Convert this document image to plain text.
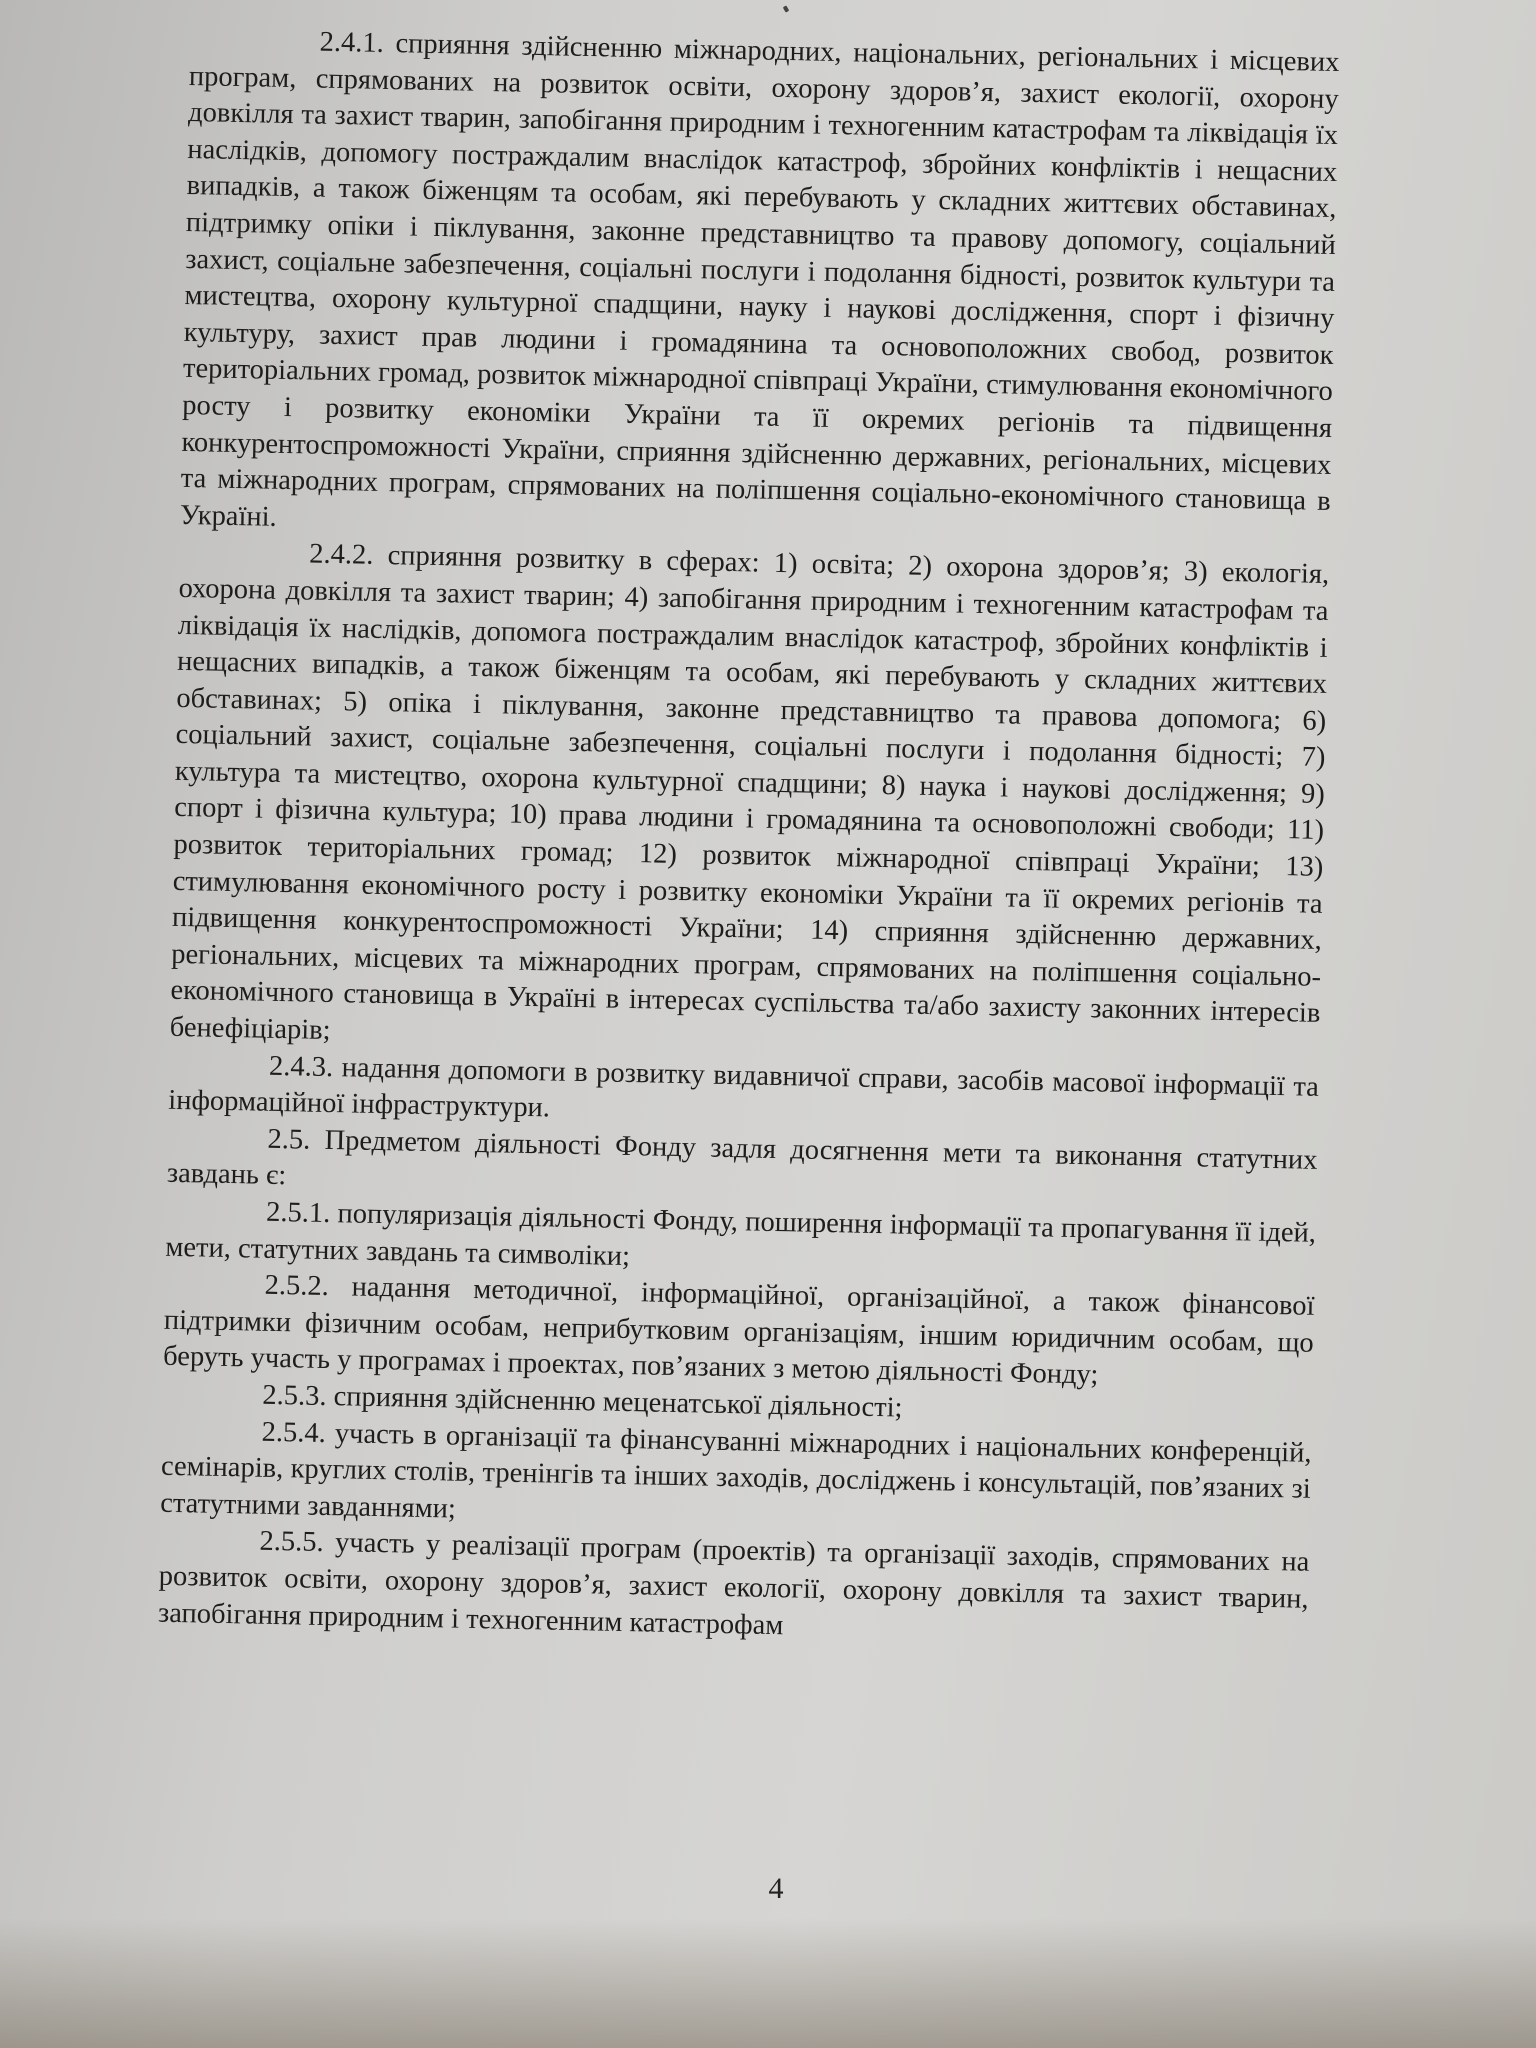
2.4.1. сприяння здійсненню міжнародних, національних, регіональних і місцевих програм, спрямованих на розвиток освіти, охорону здоров’я, захист екології, охорону довкілля та захист тварин, запобігання природним і техногенним катастрофам та ліквідація їх наслідків, допомогу постраждалим внаслідок катастроф, збройних конфліктів і нещасних випадків, а також біженцям та особам, які перебувають у складних життєвих обставинах, підтримку опіки і піклування, законне представництво та правову допомогу, соціальний захист, соціальне забезпечення, соціальні послуги і подолання бідності, розвиток культури та мистецтва, охорону культурної спадщини, науку і наукові дослідження, спорт і фізичну культуру, захист прав людини і громадянина та основоположних свобод, розвиток територіальних громад, розвиток міжнародної співпраці України, стимулювання економічного росту і розвитку економіки України та її окремих регіонів та підвищення конкурентоспроможності України, сприяння здійсненню державних, регіональних, місцевих та міжнародних програм, спрямованих на поліпшення соціально-економічного становища в Україні.

2.4.2. сприяння розвитку в сферах: 1) освіта; 2) охорона здоров’я; 3) екологія, охорона довкілля та захист тварин; 4) запобігання природним і техногенним катастрофам та ліквідація їх наслідків, допомога постраждалим внаслідок катастроф, збройних конфліктів і нещасних випадків, а також біженцям та особам, які перебувають у складних життєвих обставинах; 5) опіка і піклування, законне представництво та правова допомога; 6) соціальний захист, соціальне забезпечення, соціальні послуги і подолання бідності; 7) культура та мистецтво, охорона культурної спадщини; 8) наука і наукові дослідження; 9) спорт і фізична культура; 10) права людини і громадянина та основоположні свободи; 11) розвиток територіальних громад; 12) розвиток міжнародної співпраці України; 13) стимулювання економічного росту і розвитку економіки України та її окремих регіонів та підвищення конкурентоспроможності України; 14) сприяння здійсненню державних, регіональних, місцевих та міжнародних програм, спрямованих на поліпшення соціально-економічного становища в Україні в інтересах суспільства та/або захисту законних інтересів бенефіціарів;

2.4.3. надання допомоги в розвитку видавничої справи, засобів масової інформації та інформаційної інфраструктури.

2.5. Предметом діяльності Фонду задля досягнення мети та виконання статутних завдань є:

2.5.1. популяризація діяльності Фонду, поширення інформації та пропагування її ідей, мети, статутних завдань та символіки;

2.5.2. надання методичної, інформаційної, організаційної, а також фінансової підтримки фізичним особам, неприбутковим організаціям, іншим юридичним особам, що беруть участь у програмах і проектах, пов’язаних з метою діяльності Фонду;

2.5.3. сприяння здійсненню меценатської діяльності;

2.5.4. участь в організації та фінансуванні міжнародних і національних конференцій, семінарів, круглих столів, тренінгів та інших заходів, досліджень і консультацій, пов’язаних зі статутними завданнями;

2.5.5. участь у реалізації програм (проектів) та організації заходів, спрямованих на розвиток освіти, охорону здоров’я, захист екології, охорону довкілля та захист тварин, запобігання природним і техногенним катастрофам

4
